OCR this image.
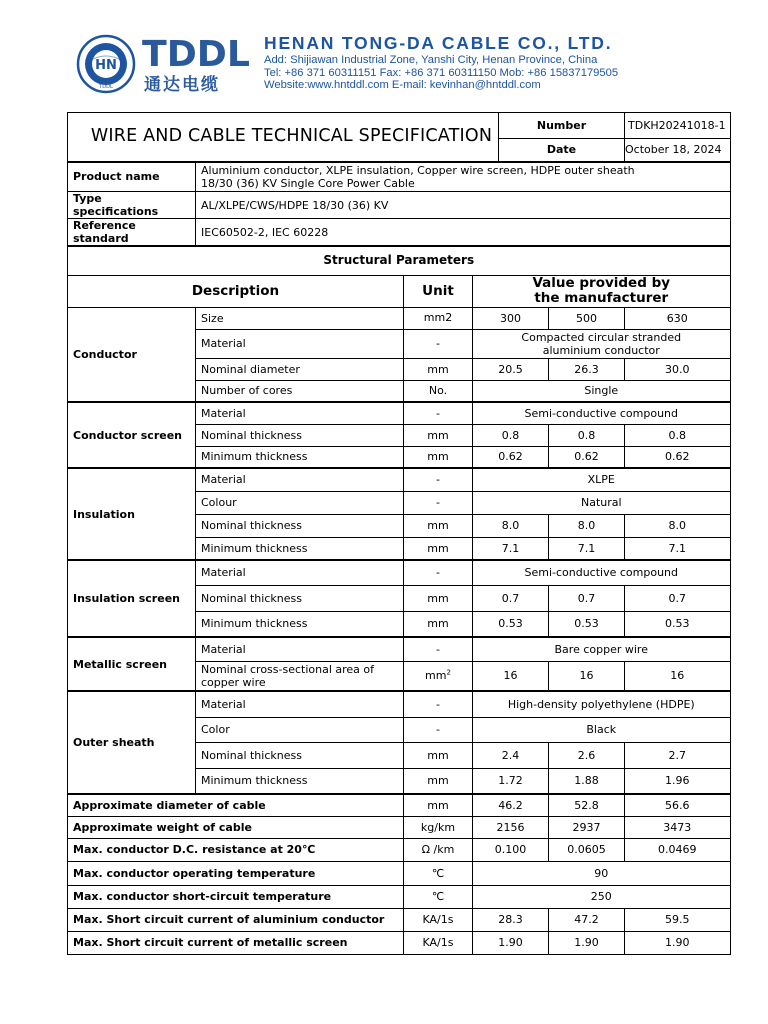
HN
TDDL
TDDL
通达电缆
HENAN TONG-DA CABLE CO., LTD.
Add: Shijiawan Industrial Zone, Yanshi City, Henan Province, China
Tel: +86 371 60311151 Fax: +86 371 60311150 Mob: +86 15837179505
Website:www.hntddl.com E-mail: kevinhan@hntddl.com
WIRE AND CABLE TECHNICAL SPECIFICATION				Number		TDKH20241018-1
				Date		October 18, 2024
Product name	Aluminium conductor, XLPE insulation, Copper wire screen, HDPE outer sheath
18/30 (36) KV Single Core Power Cable					

Type specifications	AL/XLPE/CWS/HDPE 18/30 (36) KV					
Reference standard	IEC60502-2, IEC 60228					
Structural Parameters						
Description		Unit	Value provided by
the manufacturer			

Conductor	Size	mm2	300		500	630
	Material	-	Compacted circular stranded
aluminium conductor			

	Nominal diameter	mm	20.5		26.3	30.0
	Number of cores	No.	Single			
Conductor screen	Material	-	Semi-conductive compound			
	Nominal thickness	mm	0.8		0.8	0.8
	Minimum thickness	mm	0.62		0.62	0.62
Insulation	Material	-	XLPE			
	Colour	-	Natural			
	Nominal thickness	mm	8.0		8.0	8.0
	Minimum thickness	mm	7.1		7.1	7.1
Insulation screen	Material	-	Semi-conductive compound			
	Nominal thickness	mm	0.7		0.7	0.7
	Minimum thickness	mm	0.53		0.53	0.53
Metallic screen	Material	-	Bare copper wire			

	Nominal cross-sectional area of
copper wire	$mm^2$	16		16	16
Outer sheath	Material	-	High-density polyethylene (HDPE)			
	Color	-	Black			
	Nominal thickness	mm	2.4		2.6	2.7
	Minimum thickness	mm	1.72		1.88	1.96
Approximate diameter of cable		mm	46.2		52.8	56.6
Approximate weight of cable		kg/km	2156		2937	3473
Max. conductor D.C. resistance at 20℃		Ω /km	0.100		0.0605	0.0469
Max. conductor operating temperature		℃	90			
Max. conductor short-circuit temperature		℃	250			
Max. Short circuit current of aluminium conductor		KA/1s	28.3		47.2	59.5
Max. Short circuit current of metallic screen		KA/1s	1.90		1.90	1.90
